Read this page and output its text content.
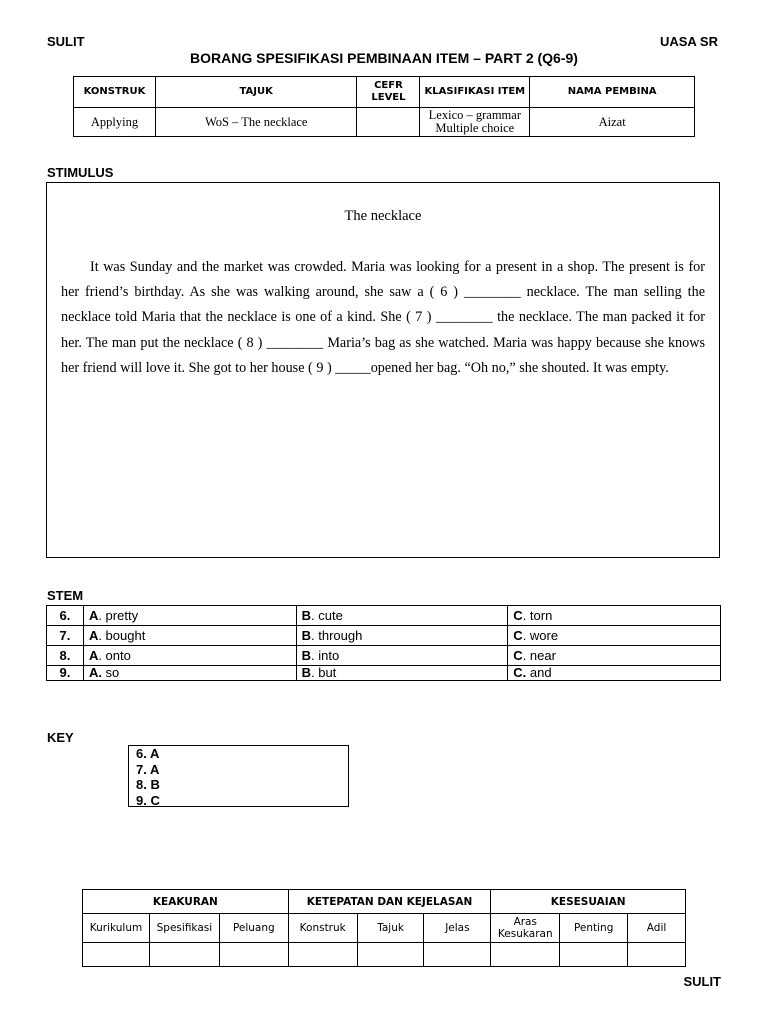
SULIT	UASA SR
BORANG SPESIFIKASI PEMBINAAN ITEM – PART 2 (Q6-9)
KONSTRUK	TAJUK	CEFR LEVEL	KLASIFIKASI ITEM	NAMA PEMBINA
Applying	WoS – The necklace		Lexico – grammar Multiple choice	Aizat
STIMULUS
The necklace

It was Sunday and the market was crowded. Maria was looking for a present in a shop. The present is for her friend’s birthday. As she was walking around, she saw a ( 6 ) ________ necklace. The man selling the necklace told Maria that the necklace is one of a kind. She ( 7 ) ________ the necklace. The man packed it for her. The man put the necklace ( 8 ) ________ Maria’s bag as she watched. Maria was happy because she knows her friend will love it. She got to her house ( 9 ) _____opened her bag. “Oh no,” she shouted. It was empty.

STEM
6.	A. pretty	B. cute	C. torn
7.	A. bought	B. through	C. wore
8.	A. onto	B. into	C. near
9.	A. so	B. but	C. and
KEY
6. A
7. A
8. B
9. C
KEAKURAN			KETEPATAN DAN KEJELASAN			KESESUAIAN		
Kurikulum	Spesifikasi	Peluang	Konstruk	Tajuk	Jelas	Aras Kesukaran	Penting	Adil

SULIT
